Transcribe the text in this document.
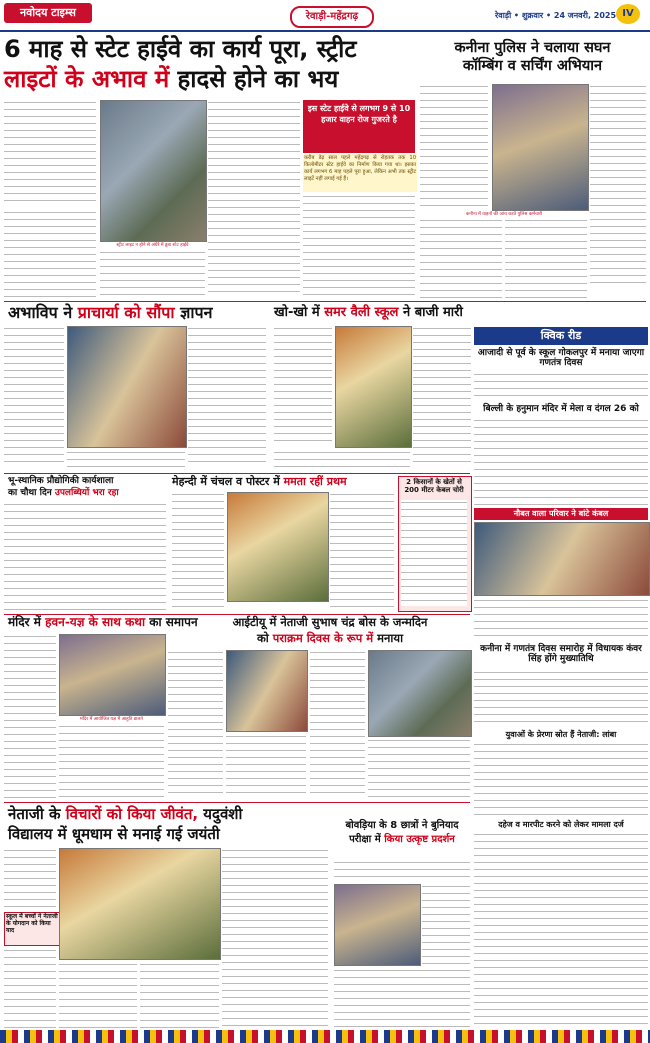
नवोदय टाइम्स	रेवाड़ी-महेंद्रगढ़	रेवाड़ी • शुक्रवार • 24 जनवरी, 2025 IV
6 माह से स्टेट हाईवे का कार्य पूरा, स्ट्रीट
लाइटों के अभाव में हादसे होने का भय
स्ट्रीट लाइट न होने से अंधेरे में डूबा स्टेट हाईवे
इस स्टेट हाईवे से लगभग 9 से 10 हजार वाहन रोज गुजरते है
करीब डेढ़ साल पहले महेंद्रगढ़ से रोहतक तक 10 किलोमीटर स्टेट हाईवे का निर्माण किया गया था। इसका कार्य लगभग 6 माह पहले पूरा हुआ, लेकिन अभी तक स्ट्रीट लाइटें नहीं लगाई गई हैं।
कनीना पुलिस ने चलाया सघन
कॉम्बिंग व सर्चिंग अभियान
कनीना में वाहनों की जांच करते पुलिस कर्मचारी
अभाविप ने प्राचार्या को सौंपा ज्ञापन	खो-खो में समर वैली स्कूल ने बाजी मारी
क्विक रीड
आजादी से पूर्व के स्कूल गोकलपुर में मनाया जाएगा गणतंत्र दिवस
बिल्ली के हनुमान मंदिर में मेला व दंगल 26 को
नौबत वाला परिवार ने बांटे कंबल
कनीना में गणतंत्र दिवस समारोह में विधायक कंवर सिंह होंगे मुख्यातिथि
युवाओं के प्रेरणा स्रोत हैं नेताजी: लांबा
दहेज व मारपीट करने को लेकर मामला दर्ज
भू-स्थानिक प्रौद्योगिकी कार्यशाला
का चौथा दिन उपलब्धियों भरा रहा
मेहन्दी में चंचल व पोस्टर में ममता रहीं प्रथम	2 किसानों के खेतों से 200 मीटर केबल चोरी
मंदिर में हवन-यज्ञ के साथ कथा का समापन
मंदिर में आयोजित यज्ञ में आहुति डालते
आईटीयू में नेताजी सुभाष चंद्र बोस के जन्मदिन
को पराक्रम दिवस के रूप में मनाया
नेताजी के विचारों को किया जीवंत, यदुवंशी
विद्यालय में धूमधाम से मनाई गई जयंती
स्कूल में बच्चों ने नेताजी के योगदान को किया याद
बोवड़िया के 8 छात्रों ने बुनियाद
परीक्षा में किया उत्कृष्ट प्रदर्शन
